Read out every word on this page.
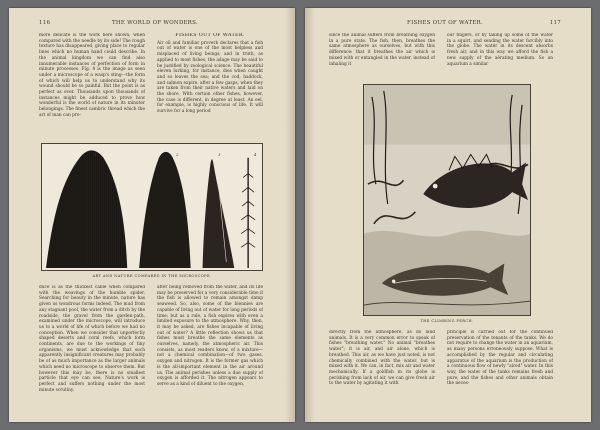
116	THE WORLD OF WONDERS.
more delicate is the work here shown, when compared with the needle by its side! The rough texture has disappeared, giving place to regular lines which no human hand could describe. In the animal kingdom we can find also innumerable instances of perfection of form in minute processes. Fig. 4 is the image as seen under a microscope of a wasp's sting—the form of which will help us to understand why its wound should be so painful. But the point is as perfect as ever. Thousands upon thousands of instances might be adduced to prove how wonderful is the world of nature in its minuter belongings. The finest cambric thread which the art of man can pro-
FISHES OUT OF WATER.
Air oil and familiar proverb declares that a fish out of water is one of the most helpless and misplaced of living beings; and in truth, as applied to most fishes, the adage may be said to be justified by zoological science. The beautiful eleven lurking, for instance, dies when caught and so leaves the sea; and the cod, haddock, and salmon expire, after a few gasps, when they are taken from their native waters and laid on the shore. With certain other fishes, however, the case is different, in degree at least. An eel, for example, is highly conscious of life. It will survive for a long period
1	2	3	4
ART AND NATURE COMPARED IN THE MICROSCOPE.
duce is as the thickest cable when compared with the weavings of the humble spider. Searching for beauty in the minute, nature has given us wondrous forms indeed. The mud from any stagnant pool, the water from a ditch by the roadside, the gravel from the garden-path, examined under the microscope, will introduce us to a world of life of which before we had no conception. When we consider that unperfectly shaped deserts and coral reefs, which form continents, are due to the workings of tiny organisms, we must acknowledge that such apparently insignificant creatures may probably be of as much importance as the larger animals which need no microscope to observe them. But however this may be, there is no smallest particle that eye can see, Nature's work is perfect and suffers nothing under the most minute scrutiny.
after being removed from the water, and its life may be preserved for a very considerable time if the fish is allowed to remain amongst damp seaweed. So, also, some of the blennies are capable of living out of water for long periods of time; but as a rule, a fish expires with even a limited exposure to the atmosphere. Why, then, it may be asked, are fishes incapable of living out of water? A little reflection shows us that fishes must breathe the same elements as ourselves, namely, the atmospheric air. This consists, as most readers know, of a mixture—not a chemical combination—of two gases, oxygen and nitrogen. It is the former gas which is the all-important element in the air around us. The animal perishes unless a due supply of oxygen is afforded it. The nitrogen appears to serve as a kind of diluent to the oxygen,
FISHES OUT OF WATER.	117
since the animal suffers from breathing oxygen in a pure state. The fish, then, breathes the same atmosphere as ourselves, but with this difference: that it breathes the air which is mixed with or entangled in the water, instead of inhaling it
our fingers, or by taking up some of the water in a squirt, and sending the water forcibly into the globe. The water in its descent absorbs fresh air, and in this way we afford the fish a new supply of the aërating medium. So an aquarium a similar
THE CLIMBING PERCH.
directly from the atmosphere, as do land animals. It is a very common error to speak of fishes "breathing water." No animal "breathes water"; it is air, and air alone, which is breathed. This air, as we have just noted, is not chemically combined with the water, but is mixed with it. We can, in fact, mix air and water mechanically. If a goldfish in its globe is perishing from lack of air, we can give fresh air to the water by agitating it with
principle is carried out for the continued preservation of the tenants of the tanks. We do not require to change the water in an aquarium, as many persons erroneously suppose. What is accomplished by the regular and circulating apparatus of the aquarium is the production of a continuous flow of newly "aired" water. In this way, the water of the tanks remains fresh and pure, and the fishes and other animals obtain the neces-
